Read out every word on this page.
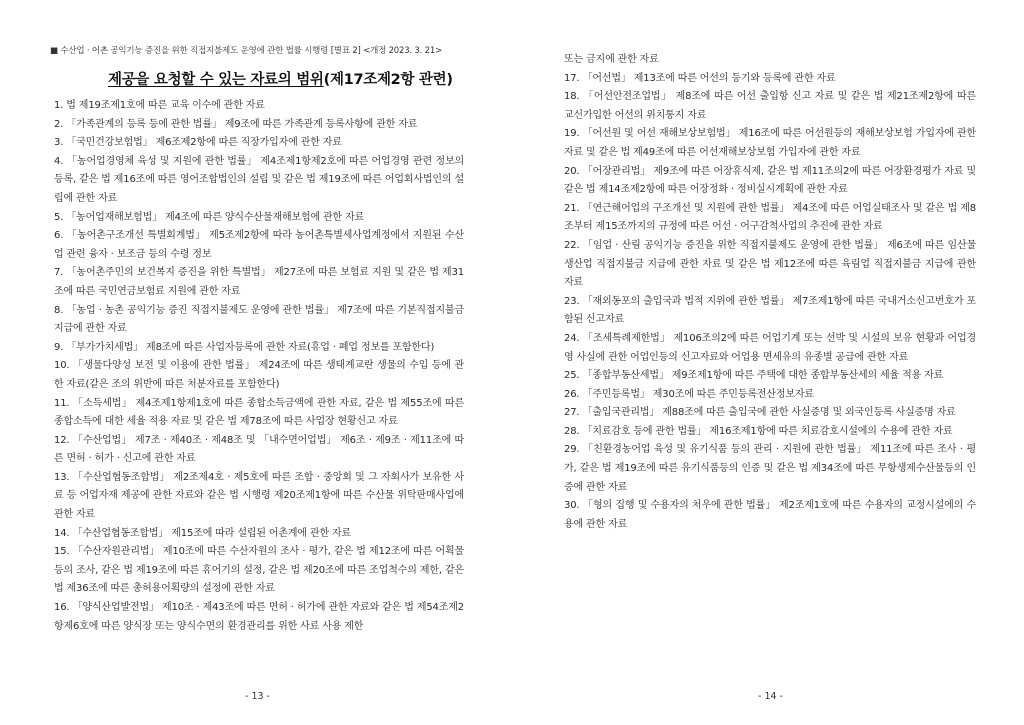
■ 수산업 · 어촌 공익기능 증진을 위한 직접지불제도 운영에 관한 법률 시행령 [별표 2] <개정 2023. 3. 21>
제공을 요청할 수 있는 자료의 범위(제17조제2항 관련)
1. 법 제19조제1호에 따른 교육 이수에 관한 자료
2. 「가족관계의 등록 등에 관한 법률」 제9조에 따른 가족관계 등록사항에 관한 자료
3. 「국민건강보험법」 제6조제2항에 따른 직장가입자에 관한 자료
4. 「농어업경영체 육성 및 지원에 관한 법률」 제4조제1항제2호에 따른 어업경영 관련 정보의 등록, 같은 법 제16조에 따른 영어조합법인의 설립 및 같은 법 제19조에 따른 어업회사법인의 설립에 관한 자료
5. 「농어업재해보험법」 제4조에 따른 양식수산물재해보험에 관한 자료
6. 「농어촌구조개선 특별회계법」 제5조제2항에 따라 농어촌특별세사업계정에서 지원된 수산업 관련 융자 · 보조금 등의 수령 정보
7. 「농어촌주민의 보건복지 증진을 위한 특별법」 제27조에 따른 보험료 지원 및 같은 법 제31조에 따른 국민연금보험료 지원에 관한 자료
8. 「농업 · 농촌 공익기능 증진 직접지불제도 운영에 관한 법률」 제7조에 따른 기본직접지불금 지급에 관한 자료
9. 「부가가치세법」 제8조에 따른 사업자등록에 관한 자료(휴업 · 폐업 정보를 포함한다)
10. 「생물다양성 보전 및 이용에 관한 법률」 제24조에 따른 생태계교란 생물의 수입 등에 관한 자료(같은 조의 위반에 따른 처분자료를 포함한다)
11. 「소득세법」 제4조제1항제1호에 따른 종합소득금액에 관한 자료, 같은 법 제55조에 따른 종합소득에 대한 세율 적용 자료 및 같은 법 제78조에 따른 사업장 현황신고 자료
12. 「수산업법」 제7조 · 제40조 · 제48조 및 「내수면어업법」 제6조 · 제9조 · 제11조에 따른 면허 · 허가 · 신고에 관한 자료
13. 「수산업협동조합법」 제2조제4호 · 제5호에 따른 조합 · 중앙회 및 그 자회사가 보유한 사료 등 어업자재 제공에 관한 자료와 같은 법 시행령 제20조제1항에 따른 수산물 위탁판매사업에 관한 자료
14. 「수산업협동조합법」 제15조에 따라 설립된 어촌계에 관한 자료
15. 「수산자원관리법」 제10조에 따른 수산자원의 조사 · 평가, 같은 법 제12조에 따른 어획물 등의 조사, 같은 법 제19조에 따른 휴어기의 설정, 같은 법 제20조에 따른 조업척수의 제한, 같은 법 제36조에 따른 총허용어획량의 설정에 관한 자료
16. 「양식산업발전법」 제10조 · 제43조에 따른 면허 · 허가에 관한 자료와 같은 법 제54조제2항제6호에 따른 양식장 또는 양식수면의 환경관리를 위한 사료 사용 제한
- 13 -
또는 금지에 관한 자료
17. 「어선법」 제13조에 따른 어선의 등기와 등록에 관한 자료
18. 「어선안전조업법」 제8조에 따른 어선 출입항 신고 자료 및 같은 법 제21조제2항에 따른 교신가입한 어선의 위치통지 자료
19. 「어선원 및 어선 재해보상보험법」 제16조에 따른 어선원등의 재해보상보험 가입자에 관한 자료 및 같은 법 제49조에 따른 어선재해보상보험 가입자에 관한 자료
20. 「어장관리법」 제9조에 따른 어장휴식제, 같은 법 제11조의2에 따른 어장환경평가 자료 및 같은 법 제14조제2항에 따른 어장정화 · 정비실시계획에 관한 자료
21. 「연근해어업의 구조개선 및 지원에 관한 법률」 제4조에 따른 어업실태조사 및 같은 법 제8조부터 제15조까지의 규정에 따른 어선 · 어구감척사업의 추진에 관한 자료
22. 「임업 · 산림 공익기능 증진을 위한 직접지불제도 운영에 관한 법률」 제6조에 따른 임산물생산업 직접지불금 지급에 관한 자료 및 같은 법 제12조에 따른 육림업 직접지불금 지급에 관한 자료
23. 「재외동포의 출입국과 법적 지위에 관한 법률」 제7조제1항에 따른 국내거소신고번호가 포함된 신고자료
24. 「조세특례제한법」 제106조의2에 따른 어업기계 또는 선박 및 시설의 보유 현황과 어업경영 사실에 관한 어업인등의 신고자료와 어업용 면세유의 유종별 공급에 관한 자료
25. 「종합부동산세법」 제9조제1항에 따른 주택에 대한 종합부동산세의 세율 적용 자료
26. 「주민등록법」 제30조에 따른 주민등록전산정보자료
27. 「출입국관리법」 제88조에 따른 출입국에 관한 사실증명 및 외국인등록 사실증명 자료
28. 「치료감호 등에 관한 법률」 제16조제1항에 따른 치료감호시설에의 수용에 관한 자료
29. 「친환경농어업 육성 및 유기식품 등의 관리 · 지원에 관한 법률」 제11조에 따른 조사 · 평가, 같은 법 제19조에 따른 유기식품등의 인증 및 같은 법 제34조에 따른 무항생제수산물등의 인증에 관한 자료
30. 「형의 집행 및 수용자의 처우에 관한 법률」 제2조제1호에 따른 수용자의 교정시설에의 수용에 관한 자료
- 14 -
